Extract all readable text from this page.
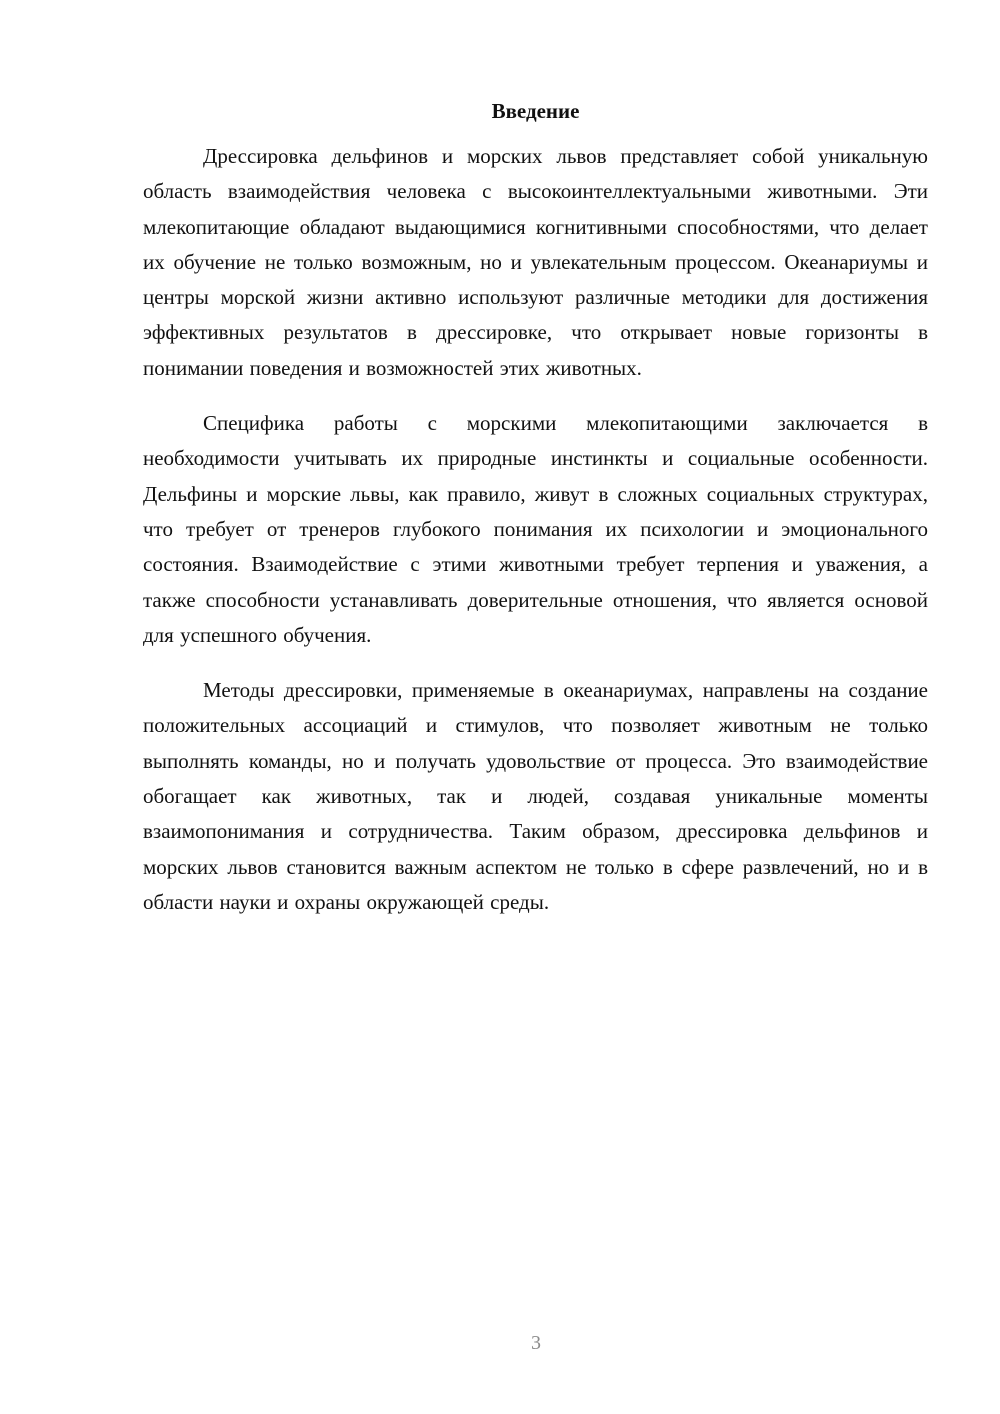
Введение

Дрессировка дельфинов и морских львов представляет собой уникальную область взаимодействия человека с высокоинтеллектуальными животными. Эти млекопитающие обладают выдающимися когнитивными способностями, что делает их обучение не только возможным, но и увлекательным процессом. Океанариумы и центры морской жизни активно используют различные методики для достижения эффективных результатов в дрессировке, что открывает новые горизонты в понимании поведения и возможностей этих животных.

Специфика работы с морскими млекопитающими заключается в необходимости учитывать их природные инстинкты и социальные особенности. Дельфины и морские львы, как правило, живут в сложных социальных структурах, что требует от тренеров глубокого понимания их психологии и эмоционального состояния. Взаимодействие с этими животными требует терпения и уважения, а также способности устанавливать доверительные отношения, что является основой для успешного обучения.

Методы дрессировки, применяемые в океанариумах, направлены на создание положительных ассоциаций и стимулов, что позволяет животным не только выполнять команды, но и получать удовольствие от процесса. Это взаимодействие обогащает как животных, так и людей, создавая уникальные моменты взаимопонимания и сотрудничества. Таким образом, дрессировка дельфинов и морских львов становится важным аспектом не только в сфере развлечений, но и в области науки и охраны окружающей среды.

3
